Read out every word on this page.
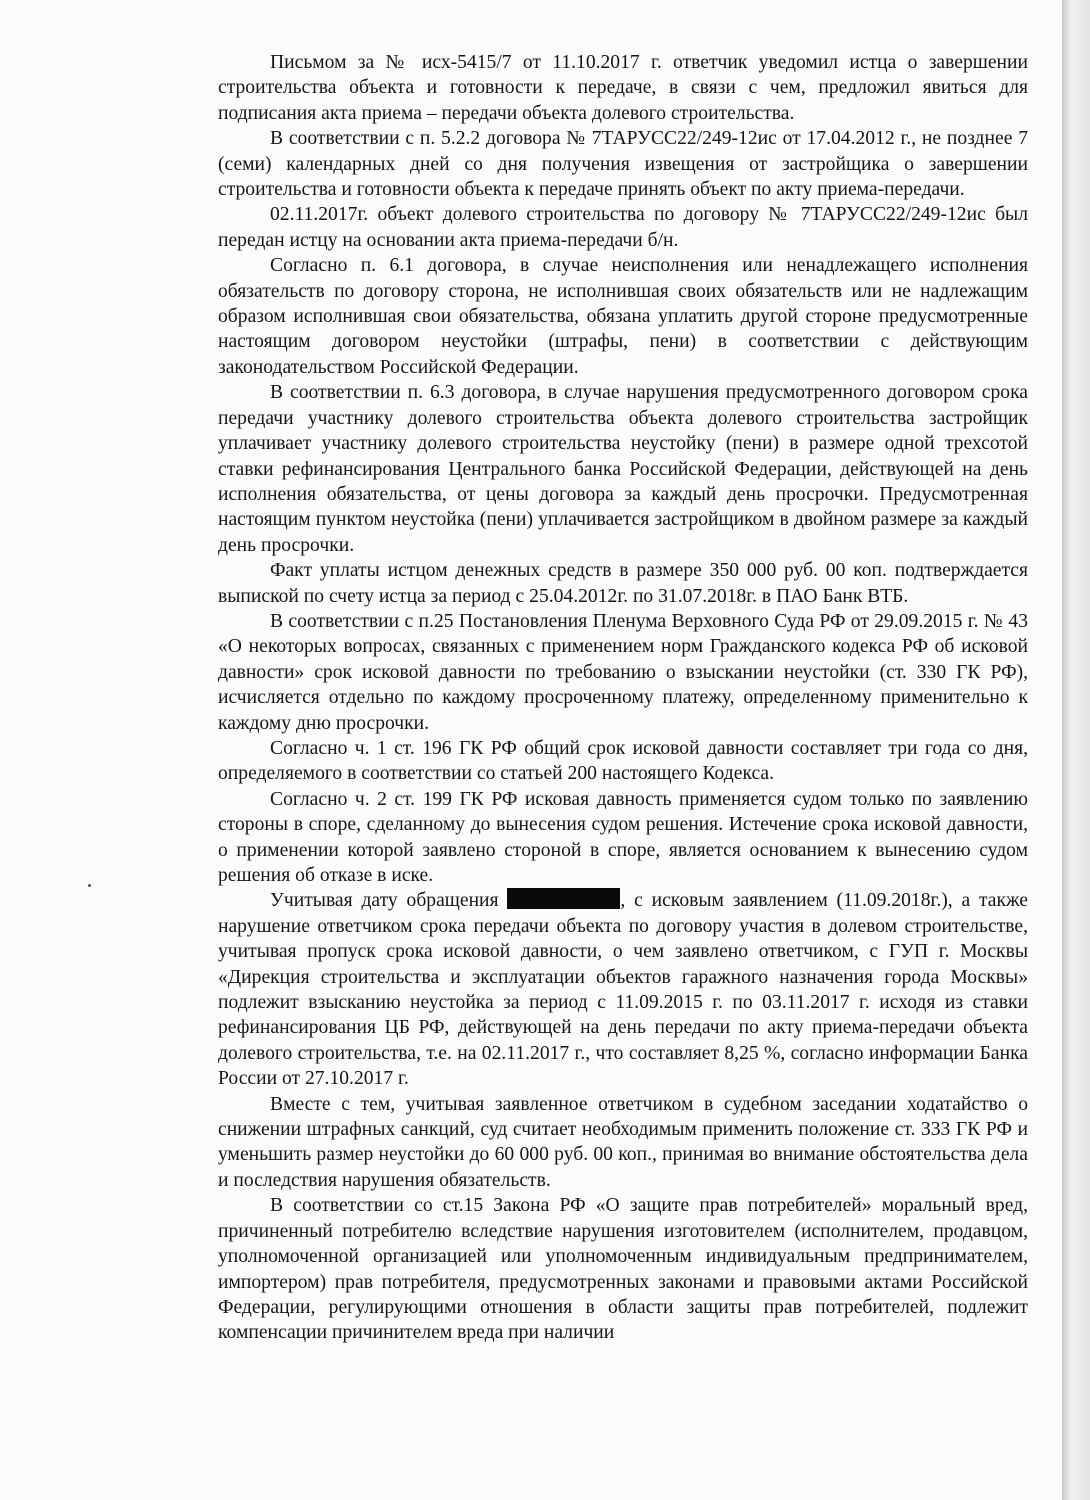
Письмом за № исх-5415/7 от 11.10.2017 г. ответчик уведомил истца о завершении строительства объекта и готовности к передаче, в связи с чем, предложил явиться для подписания акта приема – передачи объекта долевого строительства.

В соответствии с п. 5.2.2 договора № 7ТАРУСС22/249-12ис от 17.04.2012 г., не позднее 7 (семи) календарных дней со дня получения извещения от застройщика о завершении строительства и готовности объекта к передаче принять объект по акту приема-передачи.

02.11.2017г. объект долевого строительства по договору № 7ТАРУСС22/249-12ис был передан истцу на основании акта приема-передачи б/н.

Согласно п. 6.1 договора, в случае неисполнения или ненадлежащего исполнения обязательств по договору сторона, не исполнившая своих обязательств или не надлежащим образом исполнившая свои обязательства, обязана уплатить другой стороне предусмотренные настоящим договором неустойки (штрафы, пени) в соответствии с действующим законодательством Российской Федерации.

В соответствии п. 6.3 договора, в случае нарушения предусмотренного договором срока передачи участнику долевого строительства объекта долевого строительства застройщик уплачивает участнику долевого строительства неустойку (пени) в размере одной трехсотой ставки рефинансирования Центрального банка Российской Федерации, действующей на день исполнения обязательства, от цены договора за каждый день просрочки. Предусмотренная настоящим пунктом неустойка (пени) уплачивается застройщиком в двойном размере за каждый день просрочки.

Факт уплаты истцом денежных средств в размере 350 000 руб. 00 коп. подтверждается выпиской по счету истца за период с 25.04.2012г. по 31.07.2018г. в ПАО Банк ВТБ.

В соответствии с п.25 Постановления Пленума Верховного Суда РФ от 29.09.2015 г. № 43 «О некоторых вопросах, связанных с применением норм Гражданского кодекса РФ об исковой давности» срок исковой давности по требованию о взыскании неустойки (ст. 330 ГК РФ), исчисляется отдельно по каждому просроченному платежу, определенному применительно к каждому дню просрочки.

Согласно ч. 1 ст. 196 ГК РФ общий срок исковой давности составляет три года со дня, определяемого в соответствии со статьей 200 настоящего Кодекса.

Согласно ч. 2 ст. 199 ГК РФ исковая давность применяется судом только по заявлению стороны в споре, сделанному до вынесения судом решения. Истечение срока исковой давности, о применении которой заявлено стороной в споре, является основанием к вынесению судом решения об отказе в иске.

Учитывая дату обращения	, с исковым заявлением (11.09.2018г.), а также нарушение ответчиком срока передачи объекта по договору участия в долевом строительстве, учитывая пропуск срока исковой давности, о чем заявлено ответчиком, с ГУП г. Москвы «Дирекция строительства и эксплуатации объектов гаражного назначения города Москвы» подлежит взысканию неустойка за период с 11.09.2015 г. по 03.11.2017 г. исходя из ставки рефинансирования ЦБ РФ, действующей на день передачи по акту приема-передачи объекта долевого строительства, т.е. на 02.11.2017 г., что составляет 8,25 %, согласно информации Банка России от 27.10.2017 г.

Вместе с тем, учитывая заявленное ответчиком в судебном заседании ходатайство о снижении штрафных санкций, суд считает необходимым применить положение ст. 333 ГК РФ и уменьшить размер неустойки до 60 000 руб. 00 коп., принимая во внимание обстоятельства дела и последствия нарушения обязательств.

В соответствии со ст.15 Закона РФ «О защите прав потребителей» моральный вред, причиненный потребителю вследствие нарушения изготовителем (исполнителем, продавцом, уполномоченной организацией или уполномоченным индивидуальным предпринимателем, импортером) прав потребителя, предусмотренных законами и правовыми актами Российской Федерации, регулирующими отношения в области защиты прав потребителей, подлежит компенсации причинителем вреда при наличии
